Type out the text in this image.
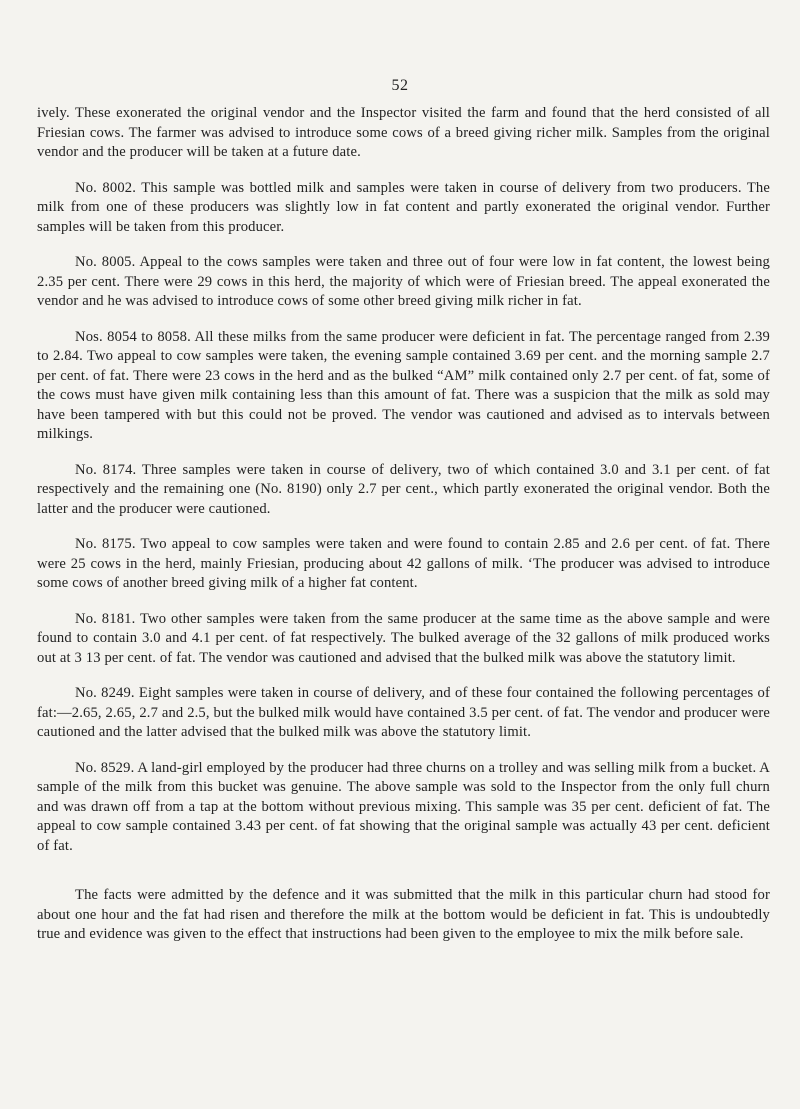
52

ively. These exonerated the original vendor and the Inspector visited the farm and found that the herd consisted of all Friesian cows. The farmer was advised to introduce some cows of a breed giving richer milk. Samples from the original vendor and the producer will be taken at a future date.

No. 8002. This sample was bottled milk and samples were taken in course of delivery from two producers. The milk from one of these producers was slightly low in fat content and partly exonerated the original vendor. Further samples will be taken from this producer.

No. 8005. Appeal to the cows samples were taken and three out of four were low in fat content, the lowest being 2.35 per cent. There were 29 cows in this herd, the majority of which were of Friesian breed. The appeal exonerated the vendor and he was advised to introduce cows of some other breed giving milk richer in fat.

Nos. 8054 to 8058. All these milks from the same producer were deficient in fat. The percentage ranged from 2.39 to 2.84. Two appeal to cow samples were taken, the evening sample contained 3.69 per cent. and the morning sample 2.7 per cent. of fat. There were 23 cows in the herd and as the bulked “AM” milk contained only 2.7 per cent. of fat, some of the cows must have given milk containing less than this amount of fat. There was a suspicion that the milk as sold may have been tampered with but this could not be proved. The vendor was cautioned and advised as to intervals between milkings.

No. 8174. Three samples were taken in course of delivery, two of which contained 3.0 and 3.1 per cent. of fat respectively and the remaining one (No. 8190) only 2.7 per cent., which partly exonerated the original vendor. Both the latter and the producer were cautioned.

No. 8175. Two appeal to cow samples were taken and were found to contain 2.85 and 2.6 per cent. of fat. There were 25 cows in the herd, mainly Friesian, producing about 42 gallons of milk. ‘The producer was advised to introduce some cows of another breed giving milk of a higher fat content.

No. 8181. Two other samples were taken from the same producer at the same time as the above sample and were found to contain 3.0 and 4.1 per cent. of fat respectively. The bulked average of the 32 gallons of milk produced works out at 3 13 per cent. of fat. The vendor was cautioned and advised that the bulked milk was above the statutory limit.

No. 8249. Eight samples were taken in course of delivery, and of these four contained the following percentages of fat:—2.65, 2.65, 2.7 and 2.5, but the bulked milk would have contained 3.5 per cent. of fat. The vendor and producer were cautioned and the latter advised that the bulked milk was above the statutory limit.

No. 8529. A land-girl employed by the producer had three churns on a trolley and was selling milk from a bucket. A sample of the milk from this bucket was genuine. The above sample was sold to the Inspector from the only full churn and was drawn off from a tap at the bottom without previous mixing. This sample was 35 per cent. deficient of fat. The appeal to cow sample contained 3.43 per cent. of fat showing that the original sample was actually 43 per cent. deficient of fat.

The facts were admitted by the defence and it was submitted that the milk in this particular churn had stood for about one hour and the fat had risen and therefore the milk at the bottom would be deficient in fat. This is undoubtedly true and evidence was given to the effect that instructions had been given to the employee to mix the milk before sale.
